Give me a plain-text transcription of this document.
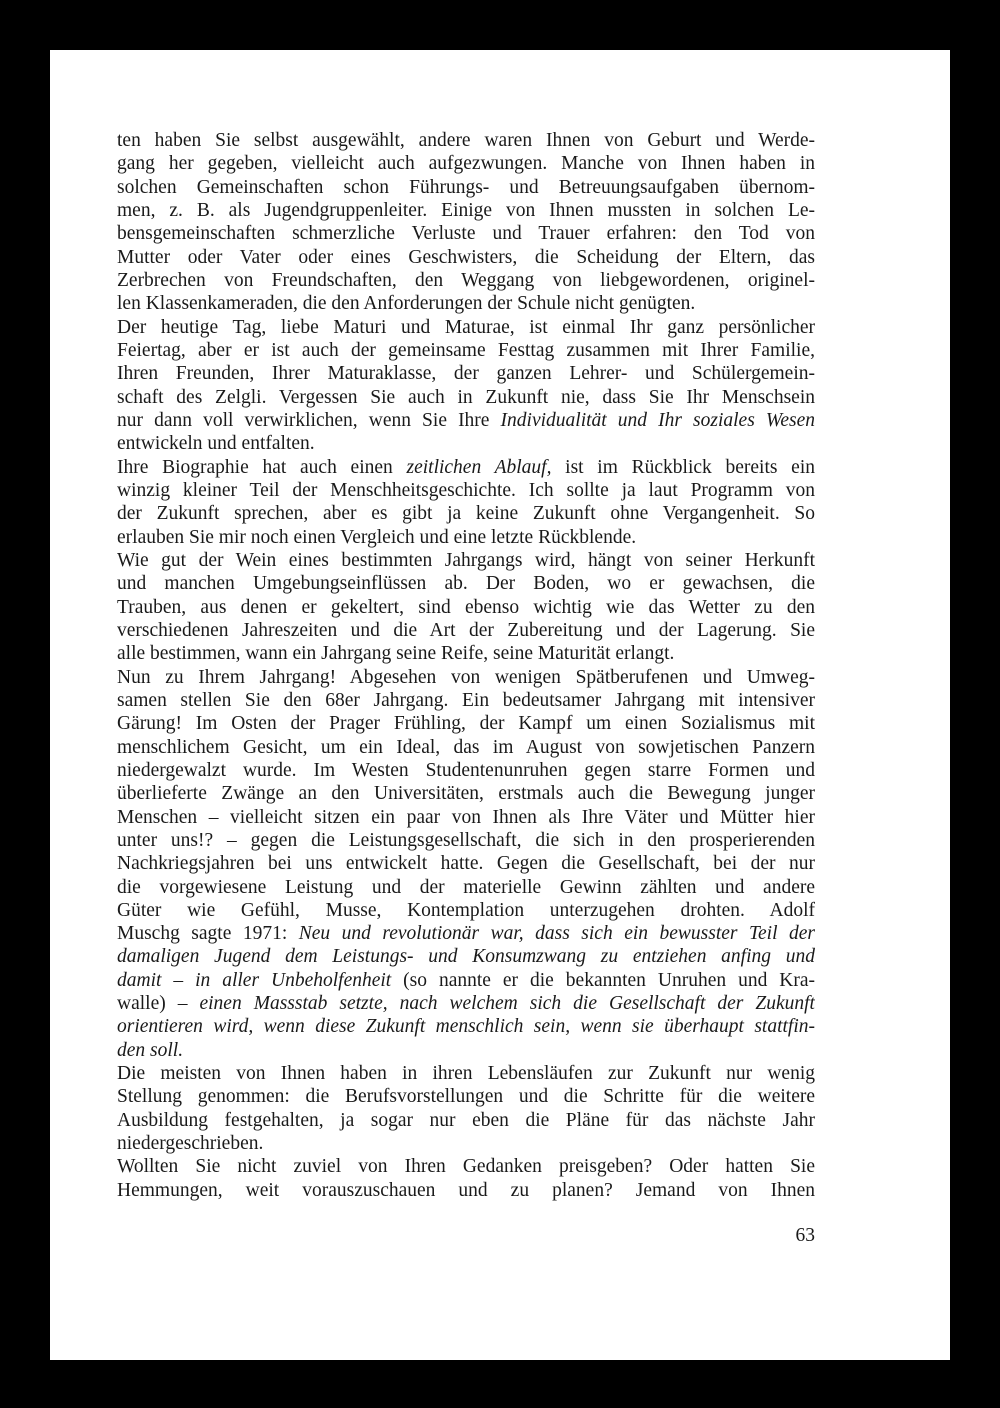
ten haben Sie selbst ausgewählt, andere waren Ihnen von Geburt und Werde-
gang her gegeben, vielleicht auch aufgezwungen. Manche von Ihnen haben in
solchen Gemeinschaften schon Führungs- und Betreuungsaufgaben übernom-
men, z. B. als Jugendgruppenleiter. Einige von Ihnen mussten in solchen Le-
bensgemeinschaften schmerzliche Verluste und Trauer erfahren: den Tod von
Mutter oder Vater oder eines Geschwisters, die Scheidung der Eltern, das
Zerbrechen von Freundschaften, den Weggang von liebgewordenen, originel-
len Klassenkameraden, die den Anforderungen der Schule nicht genügten.
Der heutige Tag, liebe Maturi und Maturae, ist einmal Ihr ganz persönlicher
Feiertag, aber er ist auch der gemeinsame Festtag zusammen mit Ihrer Familie,
Ihren Freunden, Ihrer Maturaklasse, der ganzen Lehrer- und Schülergemein-
schaft des Zelgli. Vergessen Sie auch in Zukunft nie, dass Sie Ihr Menschsein
nur dann voll verwirklichen, wenn Sie Ihre Individualität und Ihr soziales Wesen
entwickeln und entfalten.
Ihre Biographie hat auch einen zeitlichen Ablauf, ist im Rückblick bereits ein
winzig kleiner Teil der Menschheitsgeschichte. Ich sollte ja laut Programm von
der Zukunft sprechen, aber es gibt ja keine Zukunft ohne Vergangenheit. So
erlauben Sie mir noch einen Vergleich und eine letzte Rückblende.
Wie gut der Wein eines bestimmten Jahrgangs wird, hängt von seiner Herkunft
und manchen Umgebungseinflüssen ab. Der Boden, wo er gewachsen, die
Trauben, aus denen er gekeltert, sind ebenso wichtig wie das Wetter zu den
verschiedenen Jahreszeiten und die Art der Zubereitung und der Lagerung. Sie
alle bestimmen, wann ein Jahrgang seine Reife, seine Maturität erlangt.
Nun zu Ihrem Jahrgang! Abgesehen von wenigen Spätberufenen und Umweg-
samen stellen Sie den 68er Jahrgang. Ein bedeutsamer Jahrgang mit intensiver
Gärung! Im Osten der Prager Frühling, der Kampf um einen Sozialismus mit
menschlichem Gesicht, um ein Ideal, das im August von sowjetischen Panzern
niedergewalzt wurde. Im Westen Studentenunruhen gegen starre Formen und
überlieferte Zwänge an den Universitäten, erstmals auch die Bewegung junger
Menschen – vielleicht sitzen ein paar von Ihnen als Ihre Väter und Mütter hier
unter uns!? – gegen die Leistungsgesellschaft, die sich in den prosperierenden
Nachkriegsjahren bei uns entwickelt hatte. Gegen die Gesellschaft, bei der nur
die vorgewiesene Leistung und der materielle Gewinn zählten und andere
Güter wie Gefühl, Musse, Kontemplation unterzugehen drohten. Adolf
Muschg sagte 1971: Neu und revolutionär war, dass sich ein bewusster Teil der
damaligen Jugend dem Leistungs- und Konsumzwang zu entziehen anfing und
damit – in aller Unbeholfenheit (so nannte er die bekannten Unruhen und Kra-
walle) – einen Massstab setzte, nach welchem sich die Gesellschaft der Zukunft
orientieren wird, wenn diese Zukunft menschlich sein, wenn sie überhaupt stattfin-
den soll.
Die meisten von Ihnen haben in ihren Lebensläufen zur Zukunft nur wenig
Stellung genommen: die Berufsvorstellungen und die Schritte für die weitere
Ausbildung festgehalten, ja sogar nur eben die Pläne für das nächste Jahr
niedergeschrieben.
Wollten Sie nicht zuviel von Ihren Gedanken preisgeben? Oder hatten Sie
Hemmungen, weit vorauszuschauen und zu planen? Jemand von Ihnen
63
